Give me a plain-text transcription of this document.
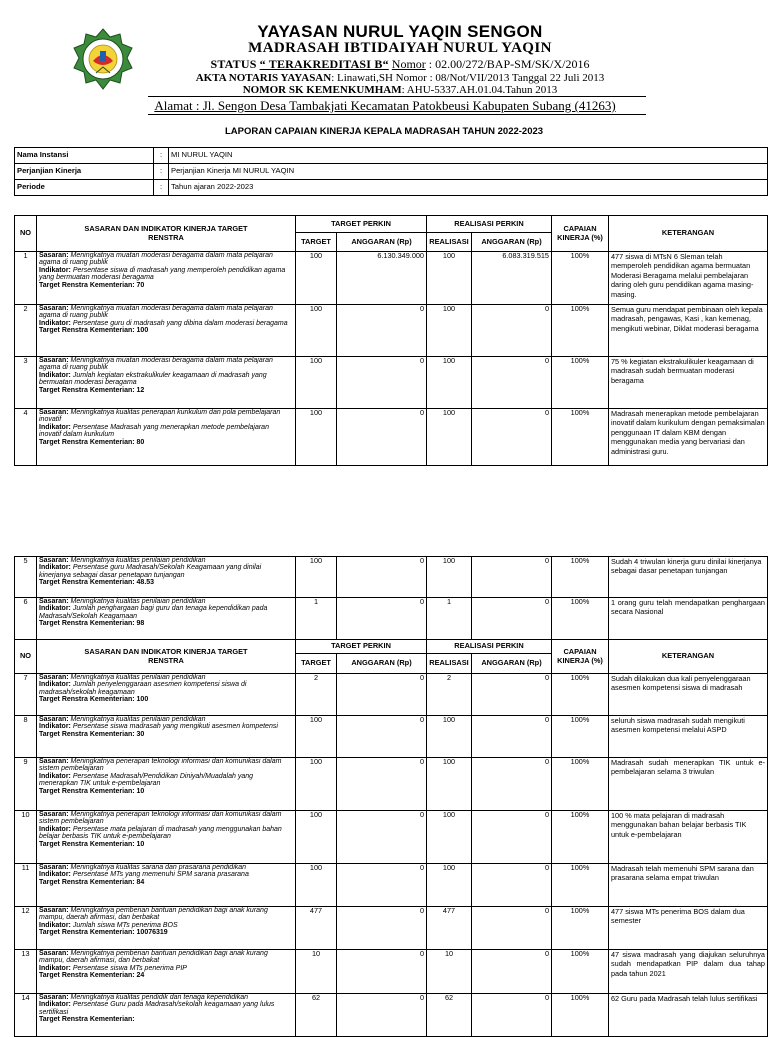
YAYASAN NURUL YAQIN SENGON
MADRASAH IBTIDAIYAH NURUL YAQIN
STATUS “ TERAKREDITASI B“ Nomor : 02.00/272/BAP-SM/SK/X/2016
AKTA NOTARIS YAYASAN: Linawati,SH Nomor : 08/Not/VII/2013 Tanggal 22 Juli 2013
NOMOR SK KEMENKUMHAM: AHU-5337.AH.01.04.Tahun 2013
Alamat : Jl. Sengon Desa Tambakjati Kecamatan Patokbeusi Kabupaten Subang (41263)
LAPORAN CAPAIAN KINERJA KEPALA MADRASAH TAHUN 2022-2023
Nama Instansi	:	MI NURUL YAQIN
Perjanjian Kinerja	:	Perjanjian Kinerja MI NURUL YAQIN
Periode	:	Tahun ajaran 2022-2023
NO	SASARAN DAN INDIKATOR KINERJA TARGET RENSTRA	TARGET PERKIN		REALISASI PERKIN		CAPAIAN KINERJA (%)	KETERANGAN
		TARGET	ANGGARAN (Rp)	REALISASI	ANGGARAN (Rp)		
1	Sasaran: Meningkatnya muatan moderasi beragama dalam mata pelajaran agama di ruang publik
Indikator: Persentase siswa di madrasah yang memperoleh pendidikan agama yang bermuatan moderasi beragama
Target Renstra Kementerian: 70	100	6.130.349.000	100	6.083.319.515	100%	477 siswa di MTsN 6 Sleman telah memperoleh pendidikan agama bermuatan Moderasi Beragama melalui pembelajaran daring oleh guru pendidikan agama masing-masing.
2	Sasaran: Meningkatnya muatan moderasi beragama dalam mata pelajaran agama di ruang publik
Indikator: Persentase guru di madrasah yang dibina dalam moderasi beragama
Target Renstra Kementerian: 100	100	0	100	0	100%	Semua guru mendapat pembinaan oleh kepala madrasah, pengawas, Kasi , kan kemenag, mengikuti webinar, Diklat moderasi beragama
3	Sasaran: Meningkatnya muatan moderasi beragama dalam mata pelajaran agama di ruang publik
Indikator: Jumlah kegiatan ekstrakulikuler keagamaan di madrasah yang bermuatan moderasi beragama
Target Renstra Kementerian: 12	100	0	100	0	100%	75 % kegiatan ekstrakulikuler keagamaan di madrasah sudah bermuatan moderasi beragama
4	Sasaran: Meningkatnya kualitas penerapan kurikulum dan pola pembelajaran inovatif
Indikator: Persentase Madrasah yang menerapkan metode pembelajaran inovatif dalam kurikulum
Target Renstra Kementerian: 80	100	0	100	0	100%	Madrasah menerapkan metode pembelajaran inovatif dalam kurikulum dengan pemaksimalan penggunaan IT dalam KBM dengan menggunakan media yang bervariasi dan administrasi guru.
5	Sasaran: Meningkatnya kualitas penilaian pendidikan
Indikator: Persentase guru Madrasah/Sekolah Keagamaan yang dinilai kinerjanya sebagai dasar penetapan tunjangan
Target Renstra Kementerian: 48.53	100	0	100	0	100%	Sudah 4 triwulan kinerja guru dinilai kinerjanya sebagai dasar penetapan tunjangan
6	Sasaran: Meningkatnya kualitas penilaian pendidikan
Indikator: Jumlah penghargaan bagi guru dan tenaga kependidikan pada Madrasah/Sekolah Keagamaan
Target Renstra Kementerian: 98	1	0	1	0	100%	1 orang guru telah mendapatkan penghargaan secara Nasional
NO	SASARAN DAN INDIKATOR KINERJA TARGET RENSTRA	TARGET PERKIN		REALISASI PERKIN		CAPAIAN KINERJA (%)	KETERANGAN
		TARGET	ANGGARAN (Rp)	REALISASI	ANGGARAN (Rp)		
7	Sasaran: Meningkatnya kualitas penilaian pendidikan
Indikator: Jumlah penyelenggaraan asesmen kompetensi siswa di madrasah/sekolah keagamaan
Target Renstra Kementerian: 100	2	0	2	0	100%	Sudah dilakukan dua kali penyelenggaraan asesmen kompetensi siswa di madrasah
8	Sasaran: Meningkatnya kualitas penilaian pendidikan
Indikator: Persentase siswa madrasah yang mengikuti asesmen kompetensi
Target Renstra Kementerian: 30	100	0	100	0	100%	seluruh siswa madrasah sudah mengikuti asesmen kompetensi melalui ASPD
9	Sasaran: Meningkatnya penerapan teknologi informasi dan komunikasi dalam sistem pembelajaran
Indikator: Persentase Madrasah/Pendidikan Diniyah/Muadalah yang menerapkan TIK untuk e-pembelajaran
Target Renstra Kementerian: 10	100	0	100	0	100%	Madrasah sudah menerapkan TIK untuk e-pembelajaran selama 3 triwulan
10	Sasaran: Meningkatnya penerapan teknologi informasi dan komunikasi dalam sistem pembelajaran
Indikator: Persentase mata pelajaran di madrasah yang menggunakan bahan belajar berbasis TIK untuk e-pembelajaran
Target Renstra Kementerian: 10	100	0	100	0	100%	100 % mata pelajaran di madrasah menggunakan bahan belajar berbasis TIK untuk e-pembelajaran
11	Sasaran: Meningkatnya kualitas sarana dan prasarana pendidikan
Indikator: Persentase MTs yang memenuhi SPM sarana prasarana
Target Renstra Kementerian: 84	100	0	100	0	100%	Madrasah telah memenuhi SPM sarana dan prasarana selama empat triwulan
12	Sasaran: Meningkatnya pemberian bantuan pendidikan bagi anak kurang mampu, daerah afirmasi, dan berbakat
Indikator: Jumlah siswa MTs penerima BOS
Target Renstra Kementerian: 10076319	477	0	477	0	100%	477 siswa MTs penerima BOS dalam dua semester
13	Sasaran: Meningkatnya pemberian bantuan pendidikan bagi anak kurang mampu, daerah afirmasi, dan berbakat
Indikator: Persentase siswa MTs penerima PIP
Target Renstra Kementerian: 24	10	0	10	0	100%	47 siswa madrasah yang diajukan seluruhnya sudah mendapatkan PIP dalam dua tahap pada tahun 2021
14	Sasaran: Meningkatnya kualitas pendidik dan tenaga kependidikan
Indikator: Persentase Guru pada Madrasah/sekolah keagamaan yang lulus sertifikasi
Target Renstra Kementerian:	62	0	62	0	100%	62 Guru pada Madrasah telah lulus sertifikasi
